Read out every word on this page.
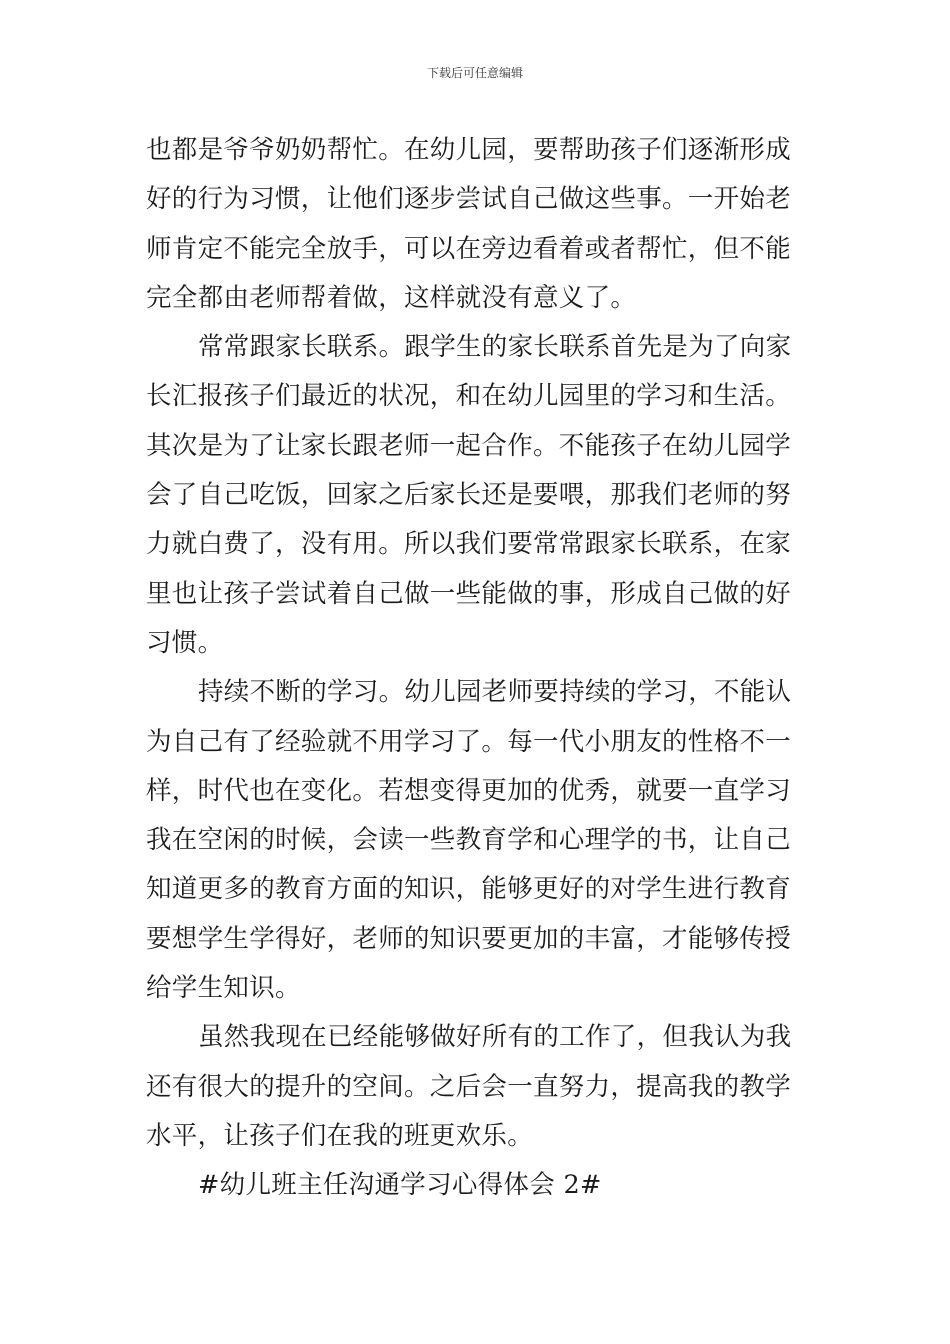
下载后可任意编辑
也都是爷爷奶奶帮忙。在幼儿园，要帮助孩子们逐渐形成
好的行为习惯，让他们逐步尝试自己做这些事。一开始老
师肯定不能完全放手，可以在旁边看着或者帮忙，但不能
完全都由老师帮着做，这样就没有意义了。
常常跟家长联系。跟学生的家长联系首先是为了向家
长汇报孩子们最近的状况，和在幼儿园里的学习和生活。
其次是为了让家长跟老师一起合作。不能孩子在幼儿园学
会了自己吃饭，回家之后家长还是要喂，那我们老师的努
力就白费了，没有用。所以我们要常常跟家长联系，在家
里也让孩子尝试着自己做一些能做的事，形成自己做的好
习惯。
持续不断的学习。幼儿园老师要持续的学习，不能认
为自己有了经验就不用学习了。每一代小朋友的性格不一
样，时代也在变化。若想变得更加的优秀，就要一直学习
我在空闲的时候，会读一些教育学和心理学的书，让自己
知道更多的教育方面的知识，能够更好的对学生进行教育
要想学生学得好，老师的知识要更加的丰富，才能够传授
给学生知识。
虽然我现在已经能够做好所有的工作了，但我认为我
还有很大的提升的空间。之后会一直努力，提高我的教学
水平，让孩子们在我的班更欢乐。
#幼儿班主任沟通学习心得体会 2#
